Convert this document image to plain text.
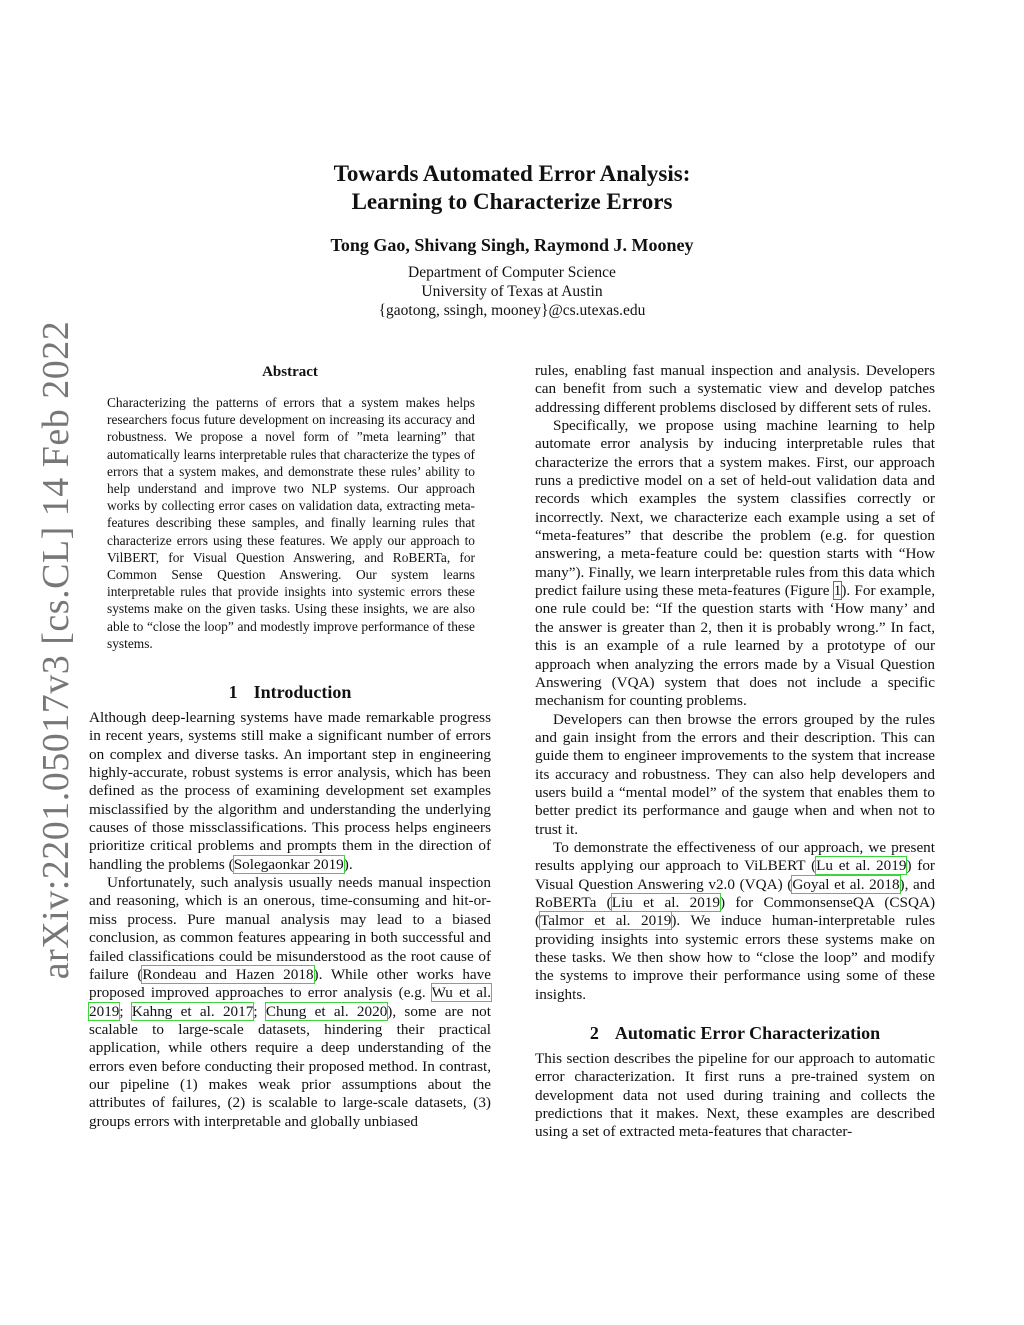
arXiv:2201.05017v3 [cs.CL] 14 Feb 2022
Towards Automated Error Analysis:
Learning to Characterize Errors
Tong Gao, Shivang Singh, Raymond J. Mooney
Department of Computer Science
University of Texas at Austin
{gaotong, ssingh, mooney}@cs.utexas.edu
Abstract
Characterizing the patterns of errors that a system makes helps researchers focus future development on increasing its accuracy and robustness. We propose a novel form of ”meta learning” that automatically learns interpretable rules that characterize the types of errors that a system makes, and demonstrate these rules’ ability to help understand and improve two NLP systems. Our approach works by collecting error cases on validation data, extracting meta-features describing these samples, and finally learning rules that characterize errors using these features. We apply our approach to VilBERT, for Visual Question Answering, and RoBERTa, for Common Sense Question Answering. Our system learns interpretable rules that provide insights into systemic errors these systems make on the given tasks. Using these insights, we are also able to “close the loop” and modestly improve performance of these systems.
1 Introduction

Although deep-learning systems have made remarkable progress in recent years, systems still make a significant number of errors on complex and diverse tasks. An important step in engineering highly-accurate, robust systems is error analysis, which has been defined as the process of examining development set examples misclassified by the algorithm and understanding the underlying causes of those missclassifications. This process helps engineers prioritize critical problems and prompts them in the direction of handling the problems (Solegaonkar 2019).

Unfortunately, such analysis usually needs manual inspection and reasoning, which is an onerous, time-consuming and hit-or-miss process. Pure manual analysis may lead to a biased conclusion, as common features appearing in both successful and failed classifications could be misunderstood as the root cause of failure (Rondeau and Hazen 2018). While other works have proposed improved approaches to error analysis (e.g. Wu et al. 2019; Kahng et al. 2017; Chung et al. 2020), some are not scalable to large-scale datasets, hindering their practical application, while others require a deep understanding of the errors even before conducting their proposed method. In contrast, our pipeline (1) makes weak prior assumptions about the attributes of failures, (2) is scalable to large-scale datasets, (3) groups errors with interpretable and globally unbiased

rules, enabling fast manual inspection and analysis. Developers can benefit from such a systematic view and develop patches addressing different problems disclosed by different sets of rules.

Specifically, we propose using machine learning to help automate error analysis by inducing interpretable rules that characterize the errors that a system makes. First, our approach runs a predictive model on a set of held-out validation data and records which examples the system classifies correctly or incorrectly. Next, we characterize each example using a set of “meta-features” that describe the problem (e.g. for question answering, a meta-feature could be: question starts with “How many”). Finally, we learn interpretable rules from this data which predict failure using these meta-features (Figure 1). For example, one rule could be: “If the question starts with ‘How many’ and the answer is greater than 2, then it is probably wrong.” In fact, this is an example of a rule learned by a prototype of our approach when analyzing the errors made by a Visual Question Answering (VQA) system that does not include a specific mechanism for counting problems.

Developers can then browse the errors grouped by the rules and gain insight from the errors and their description. This can guide them to engineer improvements to the system that increase its accuracy and robustness. They can also help developers and users build a “mental model” of the system that enables them to better predict its performance and gauge when and when not to trust it.

To demonstrate the effectiveness of our approach, we present results applying our approach to ViLBERT (Lu et al. 2019) for Visual Question Answering v2.0 (VQA) (Goyal et al. 2018), and RoBERTa (Liu et al. 2019) for CommonsenseQA (CSQA) (Talmor et al. 2019). We induce human-interpretable rules providing insights into systemic errors these systems make on these tasks. We then show how to “close the loop” and modify the systems to improve their performance using some of these insights.

2 Automatic Error Characterization

This section describes the pipeline for our approach to automatic error characterization. It first runs a pre-trained system on development data not used during training and collects the predictions that it makes. Next, these examples are described using a set of extracted meta-features that character-
